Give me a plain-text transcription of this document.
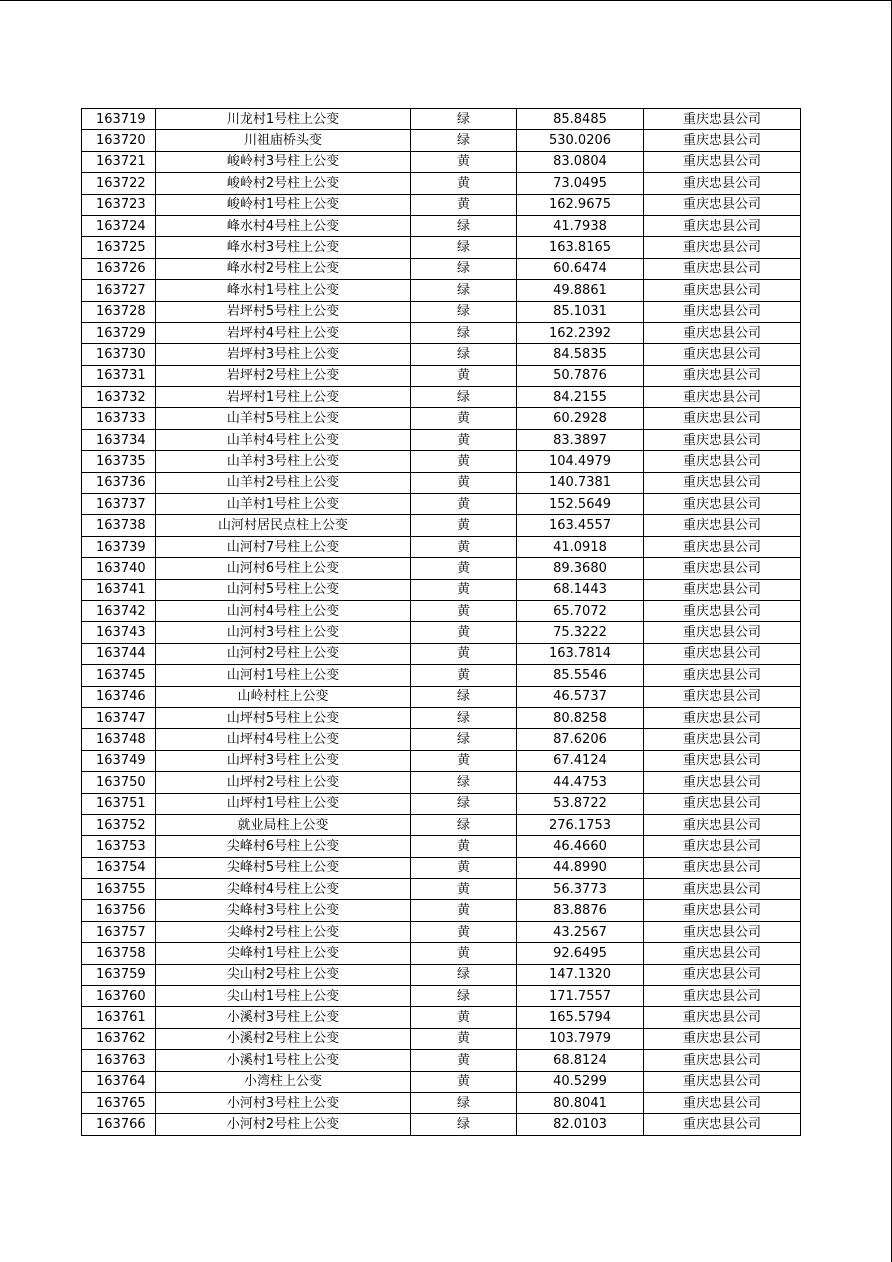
163719	川龙村1号柱上公变	绿	85.8485	重庆忠县公司
163720	川祖庙桥头变	绿	530.0206	重庆忠县公司
163721	峻岭村3号柱上公变	黄	83.0804	重庆忠县公司
163722	峻岭村2号柱上公变	黄	73.0495	重庆忠县公司
163723	峻岭村1号柱上公变	黄	162.9675	重庆忠县公司
163724	峰水村4号柱上公变	绿	41.7938	重庆忠县公司
163725	峰水村3号柱上公变	绿	163.8165	重庆忠县公司
163726	峰水村2号柱上公变	绿	60.6474	重庆忠县公司
163727	峰水村1号柱上公变	绿	49.8861	重庆忠县公司
163728	岩坪村5号柱上公变	绿	85.1031	重庆忠县公司
163729	岩坪村4号柱上公变	绿	162.2392	重庆忠县公司
163730	岩坪村3号柱上公变	绿	84.5835	重庆忠县公司
163731	岩坪村2号柱上公变	黄	50.7876	重庆忠县公司
163732	岩坪村1号柱上公变	绿	84.2155	重庆忠县公司
163733	山羊村5号柱上公变	黄	60.2928	重庆忠县公司
163734	山羊村4号柱上公变	黄	83.3897	重庆忠县公司
163735	山羊村3号柱上公变	黄	104.4979	重庆忠县公司
163736	山羊村2号柱上公变	黄	140.7381	重庆忠县公司
163737	山羊村1号柱上公变	黄	152.5649	重庆忠县公司
163738	山河村居民点柱上公变	黄	163.4557	重庆忠县公司
163739	山河村7号柱上公变	黄	41.0918	重庆忠县公司
163740	山河村6号柱上公变	黄	89.3680	重庆忠县公司
163741	山河村5号柱上公变	黄	68.1443	重庆忠县公司
163742	山河村4号柱上公变	黄	65.7072	重庆忠县公司
163743	山河村3号柱上公变	黄	75.3222	重庆忠县公司
163744	山河村2号柱上公变	黄	163.7814	重庆忠县公司
163745	山河村1号柱上公变	黄	85.5546	重庆忠县公司
163746	山岭村柱上公变	绿	46.5737	重庆忠县公司
163747	山坪村5号柱上公变	绿	80.8258	重庆忠县公司
163748	山坪村4号柱上公变	绿	87.6206	重庆忠县公司
163749	山坪村3号柱上公变	黄	67.4124	重庆忠县公司
163750	山坪村2号柱上公变	绿	44.4753	重庆忠县公司
163751	山坪村1号柱上公变	绿	53.8722	重庆忠县公司
163752	就业局柱上公变	绿	276.1753	重庆忠县公司
163753	尖峰村6号柱上公变	黄	46.4660	重庆忠县公司
163754	尖峰村5号柱上公变	黄	44.8990	重庆忠县公司
163755	尖峰村4号柱上公变	黄	56.3773	重庆忠县公司
163756	尖峰村3号柱上公变	黄	83.8876	重庆忠县公司
163757	尖峰村2号柱上公变	黄	43.2567	重庆忠县公司
163758	尖峰村1号柱上公变	黄	92.6495	重庆忠县公司
163759	尖山村2号柱上公变	绿	147.1320	重庆忠县公司
163760	尖山村1号柱上公变	绿	171.7557	重庆忠县公司
163761	小溪村3号柱上公变	黄	165.5794	重庆忠县公司
163762	小溪村2号柱上公变	黄	103.7979	重庆忠县公司
163763	小溪村1号柱上公变	黄	68.8124	重庆忠县公司
163764	小湾柱上公变	黄	40.5299	重庆忠县公司
163765	小河村3号柱上公变	绿	80.8041	重庆忠县公司
163766	小河村2号柱上公变	绿	82.0103	重庆忠县公司
